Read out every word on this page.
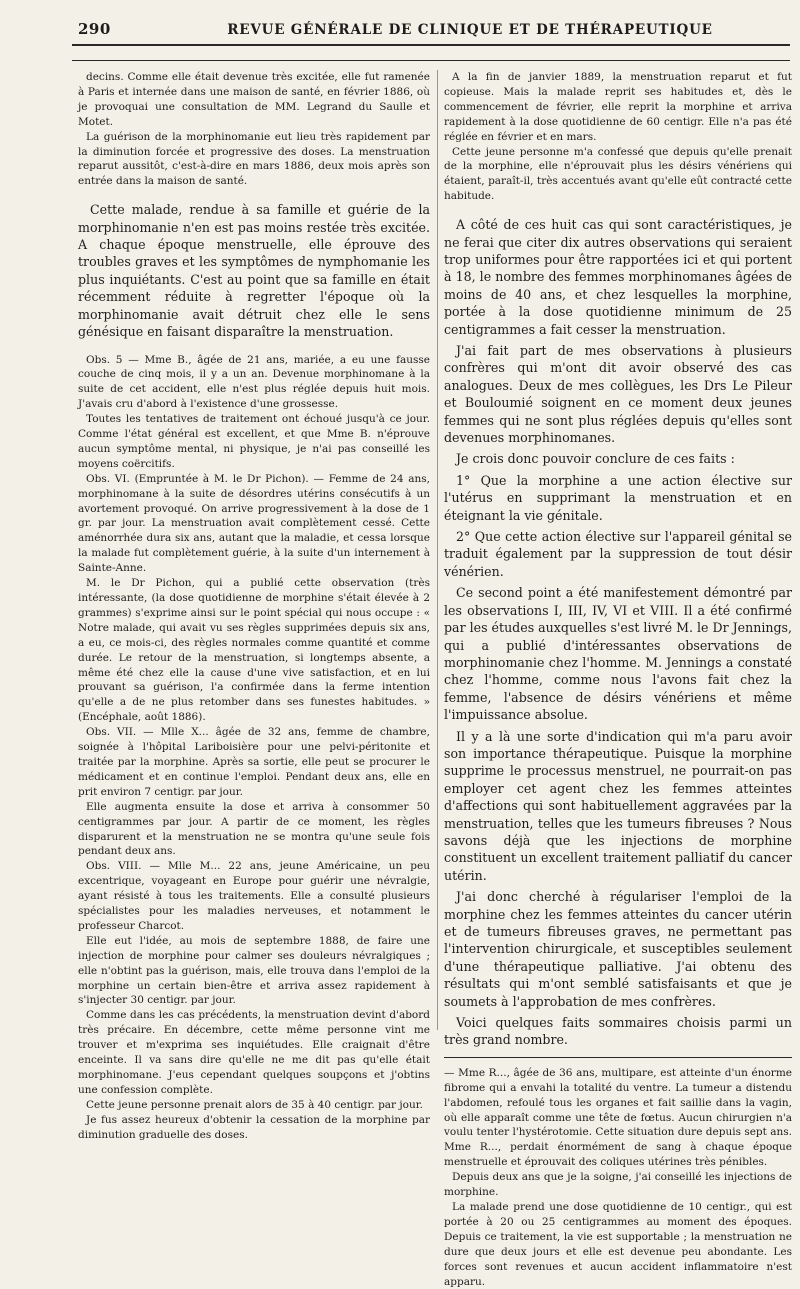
290	REVUE GÉNÉRALE DE CLINIQUE ET DE THÉRAPEUTIQUE

decins. Comme elle était devenue très excitée, elle fut ramenée à Paris et internée dans une maison de santé, en février 1886, où je provoquai une consultation de MM. Legrand du Saulle et Motet.

La guérison de la morphinomanie eut lieu très rapidement par la diminution forcée et progressive des doses. La menstruation reparut aussitôt, c'est-à-dire en mars 1886, deux mois après son entrée dans la maison de santé.

Cette malade, rendue à sa famille et guérie de la morphinomanie n'en est pas moins restée très excitée. A chaque époque menstruelle, elle éprouve des troubles graves et les symptômes de nymphomanie les plus inquiétants. C'est au point que sa famille en était récemment réduite à regretter l'époque où la morphinomanie avait détruit chez elle le sens génésique en faisant disparaître la menstruation.

Obs. 5 — Mme B., âgée de 21 ans, mariée, a eu une fausse couche de cinq mois, il y a un an. Devenue morphinomane à la suite de cet accident, elle n'est plus réglée depuis huit mois. J'avais cru d'abord à l'existence d'une grossesse.

Toutes les tentatives de traitement ont échoué jusqu'à ce jour. Comme l'état général est excellent, et que Mme B. n'éprouve aucun symptôme mental, ni physique, je n'ai pas conseillé les moyens coërcitifs.

Obs. VI. (Empruntée à M. le Dr Pichon). — Femme de 24 ans, morphinomane à la suite de désordres utérins consécutifs à un avortement provoqué. On arrive progressivement à la dose de 1 gr. par jour. La menstruation avait complètement cessé. Cette aménorrhée dura six ans, autant que la maladie, et cessa lorsque la malade fut complètement guérie, à la suite d'un internement à Sainte-Anne.

M. le Dr Pichon, qui a publié cette observation (très intéressante, (la dose quotidienne de morphine s'était élevée à 2 grammes) s'exprime ainsi sur le point spécial qui nous occupe : « Notre malade, qui avait vu ses règles supprimées depuis six ans, a eu, ce mois-ci, des règles normales comme quantité et comme durée. Le retour de la menstruation, si longtemps absente, a même été chez elle la cause d'une vive satisfaction, et en lui prouvant sa guérison, l'a confirmée dans la ferme intention qu'elle a de ne plus retomber dans ses funestes habitudes. » (Encéphale, août 1886).

Obs. VII. — Mlle X... âgée de 32 ans, femme de chambre, soignée à l'hôpital Lariboisière pour une pelvi-péritonite et traitée par la morphine. Après sa sortie, elle peut se procurer le médicament et en continue l'emploi. Pendant deux ans, elle en prit environ 7 centigr. par jour.

Elle augmenta ensuite la dose et arriva à consommer 50 centigrammes par jour. A partir de ce moment, les règles disparurent et la menstruation ne se montra qu'une seule fois pendant deux ans.

Obs. VIII. — Mlle M... 22 ans, jeune Américaine, un peu excentrique, voyageant en Europe pour guérir une névralgie, ayant résisté à tous les traitements. Elle a consulté plusieurs spécialistes pour les maladies nerveuses, et notamment le professeur Charcot.

Elle eut l'idée, au mois de septembre 1888, de faire une injection de morphine pour calmer ses douleurs névralgiques ; elle n'obtint pas la guérison, mais, elle trouva dans l'emploi de la morphine un certain bien-être et arriva assez rapidement à s'injecter 30 centigr. par jour.

Comme dans les cas précédents, la menstruation devint d'abord très précaire. En décembre, cette même personne vint me trouver et m'exprima ses inquiétudes. Elle craignait d'être enceinte. Il va sans dire qu'elle ne me dit pas qu'elle était morphinomane. J'eus cependant quelques soupçons et j'obtins une confession complète.

Cette jeune personne prenait alors de 35 à 40 centigr. par jour.

Je fus assez heureux d'obtenir la cessation de la morphine par diminution graduelle des doses.

A la fin de janvier 1889, la menstruation reparut et fut copieuse. Mais la malade reprit ses habitudes et, dès le commencement de février, elle reprit la morphine et arriva rapidement à la dose quotidienne de 60 centigr. Elle n'a pas été réglée en février et en mars.

Cette jeune personne m'a confessé que depuis qu'elle prenait de la morphine, elle n'éprouvait plus les désirs vénériens qui étaient, paraît-il, très accentués avant qu'elle eût contracté cette habitude.

A côté de ces huit cas qui sont caractéristiques, je ne ferai que citer dix autres observations qui seraient trop uniformes pour être rapportées ici et qui portent à 18, le nombre des femmes morphinomanes âgées de moins de 40 ans, et chez lesquelles la morphine, portée à la dose quotidienne minimum de 25 centigrammes a fait cesser la menstruation.

J'ai fait part de mes observations à plusieurs confrères qui m'ont dit avoir observé des cas analogues. Deux de mes collègues, les Drs Le Pileur et Bouloumié soignent en ce moment deux jeunes femmes qui ne sont plus réglées depuis qu'elles sont devenues morphinomanes.

Je crois donc pouvoir conclure de ces faits :

1° Que la morphine a une action élective sur l'utérus en supprimant la menstruation et en éteignant la vie génitale.

2° Que cette action élective sur l'appareil génital se traduit également par la suppression de tout désir vénérien.

Ce second point a été manifestement démontré par les observations I, III, IV, VI et VIII. Il a été confirmé par les études auxquelles s'est livré M. le Dr Jennings, qui a publié d'intéressantes observations de morphinomanie chez l'homme. M. Jennings a constaté chez l'homme, comme nous l'avons fait chez la femme, l'absence de désirs vénériens et même l'impuissance absolue.

Il y a là une sorte d'indication qui m'a paru avoir son importance thérapeutique. Puisque la morphine supprime le processus menstruel, ne pourrait-on pas employer cet agent chez les femmes atteintes d'affections qui sont habituellement aggravées par la menstruation, telles que les tumeurs fibreuses ? Nous savons déjà que les injections de morphine constituent un excellent traitement palliatif du cancer utérin.

J'ai donc cherché à régulariser l'emploi de la morphine chez les femmes atteintes du cancer utérin et de tumeurs fibreuses graves, ne permettant pas l'intervention chirurgicale, et susceptibles seulement d'une thérapeutique palliative. J'ai obtenu des résultats qui m'ont semblé satisfaisants et que je soumets à l'approbation de mes confrères.

Voici quelques faits sommaires choisis parmi un très grand nombre.

— Mme R..., âgée de 36 ans, multipare, est atteinte d'un énorme fibrome qui a envahi la totalité du ventre. La tumeur a distendu l'abdomen, refoulé tous les organes et fait saillie dans la vagin, où elle apparaît comme une tête de fœtus. Aucun chirurgien n'a voulu tenter l'hystérotomie. Cette situation dure depuis sept ans. Mme R..., perdait énormément de sang à chaque époque menstruelle et éprouvait des coliques utérines très pénibles.

Depuis deux ans que je la soigne, j'ai conseillé les injections de morphine.

La malade prend une dose quotidienne de 10 centigr., qui est portée à 20 ou 25 centigrammes au moment des époques. Depuis ce traitement, la vie est supportable ; la menstruation ne dure que deux jours et elle est devenue peu abondante. Les forces sont revenues et aucun accident inflammatoire n'est apparu.
